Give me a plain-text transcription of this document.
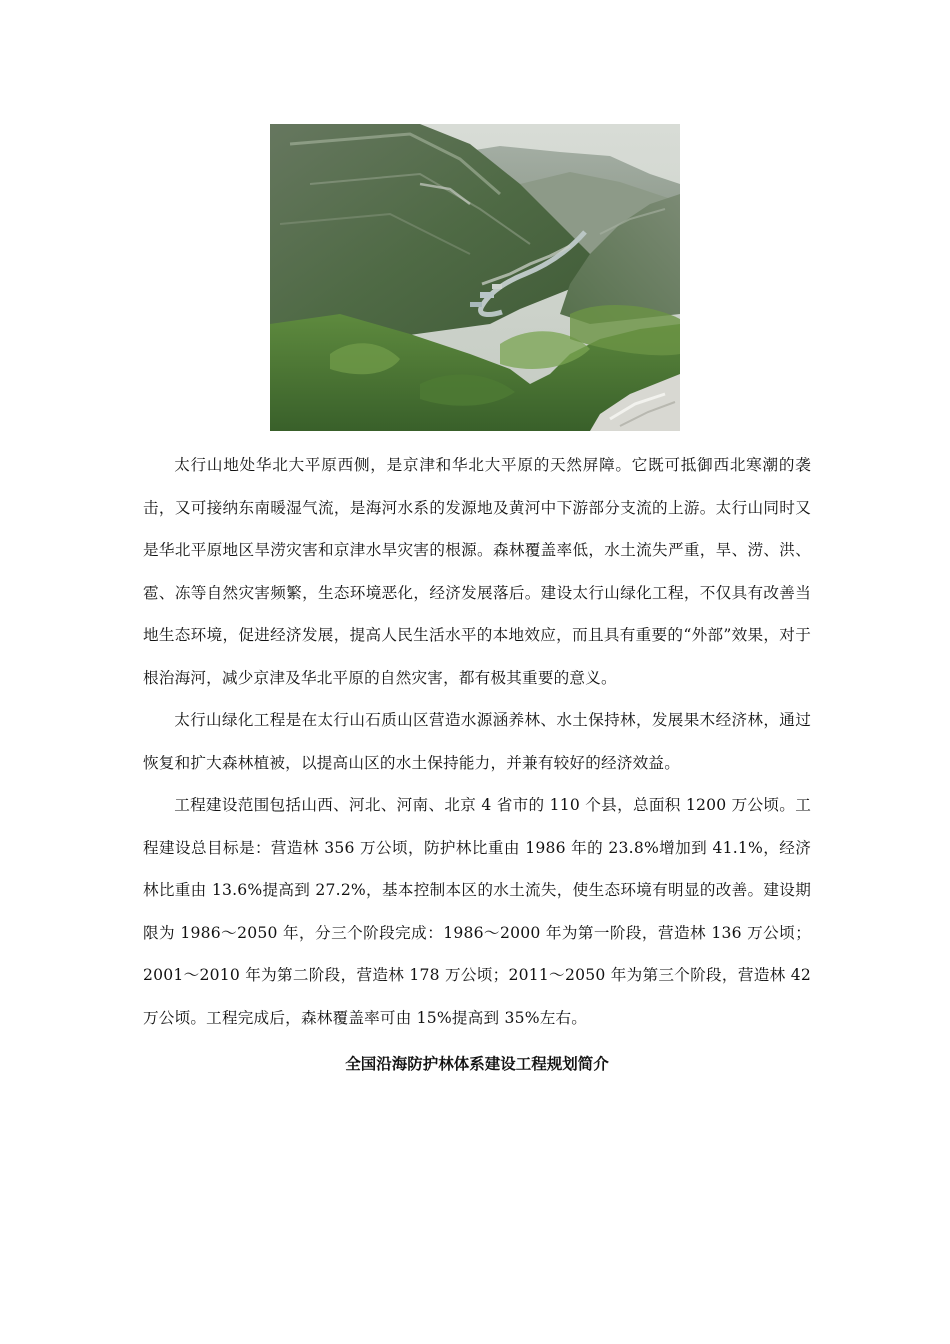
太行山地处华北大平原西侧，是京津和华北大平原的天然屏障。它既可抵御西北寒潮的袭击，又可接纳东南暖湿气流，是海河水系的发源地及黄河中下游部分支流的上游。太行山同时又是华北平原地区旱涝灾害和京津水旱灾害的根源。森林覆盖率低，水土流失严重，旱、涝、洪、雹、冻等自然灾害频繁，生态环境恶化，经济发展落后。建设太行山绿化工程，不仅具有改善当地生态环境，促进经济发展，提高人民生活水平的本地效应，而且具有重要的“外部”效果，对于根治海河，减少京津及华北平原的自然灾害，都有极其重要的意义。

太行山绿化工程是在太行山石质山区营造水源涵养林、水土保持林，发展果木经济林，通过恢复和扩大森林植被，以提高山区的水土保持能力，并兼有较好的经济效益。

工程建设范围包括山西、河北、河南、北京 4 省市的 110 个县，总面积 1200 万公顷。工程建设总目标是：营造林 356 万公顷，防护林比重由 1986 年的 23.8%增加到 41.1%，经济林比重由 13.6%提高到 27.2%，基本控制本区的水土流失，使生态环境有明显的改善。建设期限为 1986～2050 年，分三个阶段完成：1986～2000 年为第一阶段，营造林 136 万公顷；2001～2010 年为第二阶段，营造林 178 万公顷；2011～2050 年为第三个阶段，营造林 42 万公顷。工程完成后，森林覆盖率可由 15%提高到 35%左右。

全国沿海防护林体系建设工程规划简介
